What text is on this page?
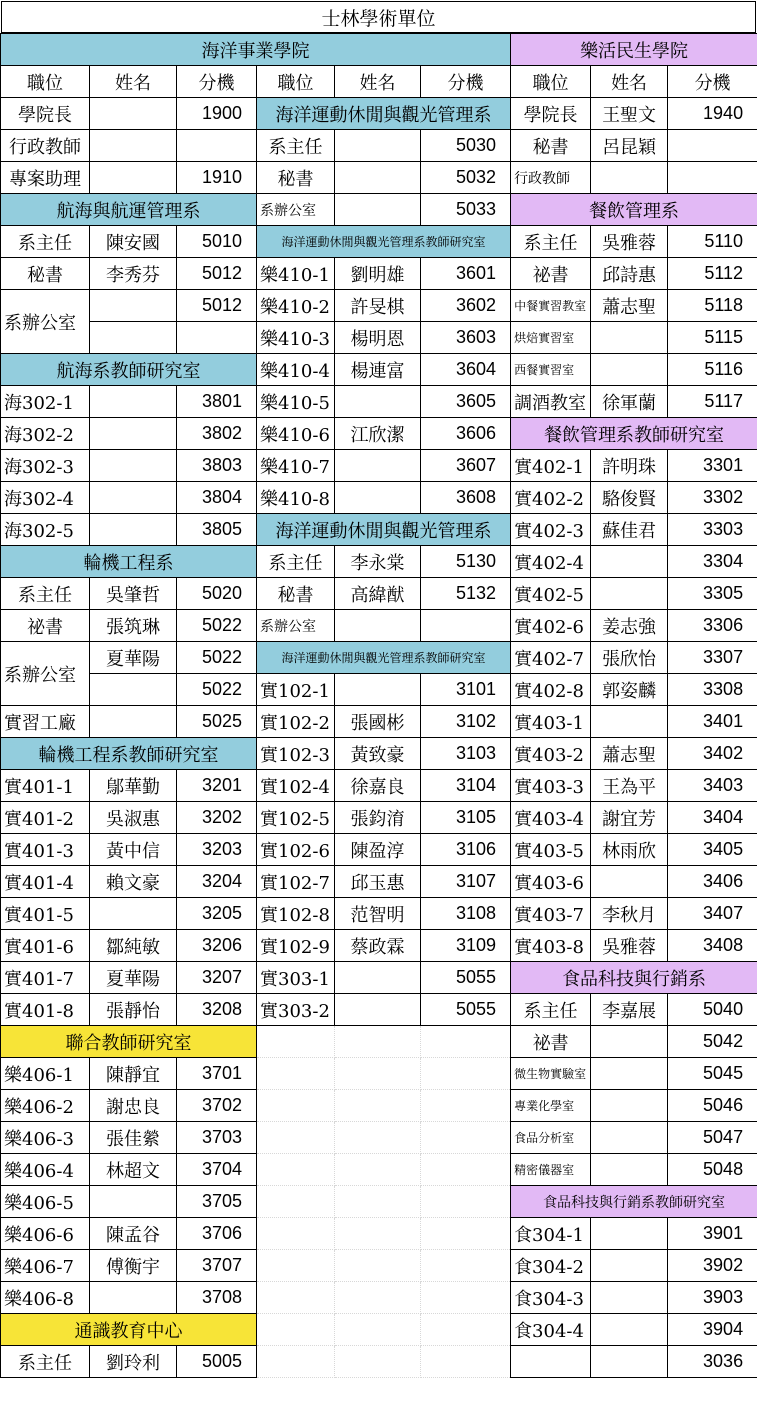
士林學術單位
海洋事業學院						樂活民生學院		
職位	姓名	分機	職位	姓名	分機	職位	姓名	分機
學院長		1900	海洋運動休閒與觀光管理系			學院長	王聖文	1940
行政教師			系主任		5030	秘書	呂昆穎	
專案助理		1910	秘書		5032	行政教師		
航海與航運管理系			系辦公室		5033	餐飲管理系		
系主任	陳安國	5010	海洋運動休閒與觀光管理系教師研究室			系主任	吳雅蓉	5110
秘書	李秀芬	5012	樂410-1	劉明雄	3601	祕書	邱詩惠	5112
系辦公室		5012	樂410-2	許旻棋	3602	中餐實習教室	蕭志聖	5118
			樂410-3	楊明恩	3603	烘焙實習室		5115
航海系教師研究室			樂410-4	楊連富	3604	西餐實習室		5116
海302-1		3801	樂410-5		3605	調酒教室	徐軍蘭	5117
海302-2		3802	樂410-6	江欣潔	3606	餐飲管理系教師研究室		
海302-3		3803	樂410-7		3607	實402-1	許明珠	3301
海302-4		3804	樂410-8		3608	實402-2	駱俊賢	3302
海302-5		3805	海洋運動休閒與觀光管理系			實402-3	蘇佳君	3303
輪機工程系			系主任	李永棠	5130	實402-4		3304
系主任	吳肇哲	5020	秘書	高緯猷	5132	實402-5		3305
祕書	張筑琳	5022	系辦公室			實402-6	姜志強	3306
系辦公室	夏華陽	5022	海洋運動休閒與觀光管理系教師研究室			實402-7	張欣怡	3307
		5022	實102-1		3101	實402-8	郭姿麟	3308
實習工廠		5025	實102-2	張國彬	3102	實403-1		3401
輪機工程系教師研究室			實102-3	黃致豪	3103	實403-2	蕭志聖	3402
實401-1	鄔華勤	3201	實102-4	徐嘉良	3104	實403-3	王為平	3403
實401-2	吳淑惠	3202	實102-5	張鈞淯	3105	實403-4	謝宜芳	3404
實401-3	黃中信	3203	實102-6	陳盈淳	3106	實403-5	林雨欣	3405
實401-4	賴文豪	3204	實102-7	邱玉惠	3107	實403-6		3406
實401-5		3205	實102-8	范智明	3108	實403-7	李秋月	3407
實401-6	鄒純敏	3206	實102-9	蔡政霖	3109	實403-8	吳雅蓉	3408
實401-7	夏華陽	3207	實303-1		5055	食品科技與行銷系		
實401-8	張靜怡	3208	實303-2		5055	系主任	李嘉展	5040
聯合教師研究室						祕書		5042
樂406-1	陳靜宜	3701				微生物實驗室		5045
樂406-2	謝忠良	3702				專業化學室		5046
樂406-3	張佳縈	3703				食品分析室		5047
樂406-4	林超文	3704				精密儀器室		5048
樂406-5		3705				食品科技與行銷系教師研究室		
樂406-6	陳孟谷	3706				食304-1		3901
樂406-7	傅衡宇	3707				食304-2		3902
樂406-8		3708				食304-3		3903
通識教育中心						食304-4		3904
系主任	劉玲利	5005						3036
